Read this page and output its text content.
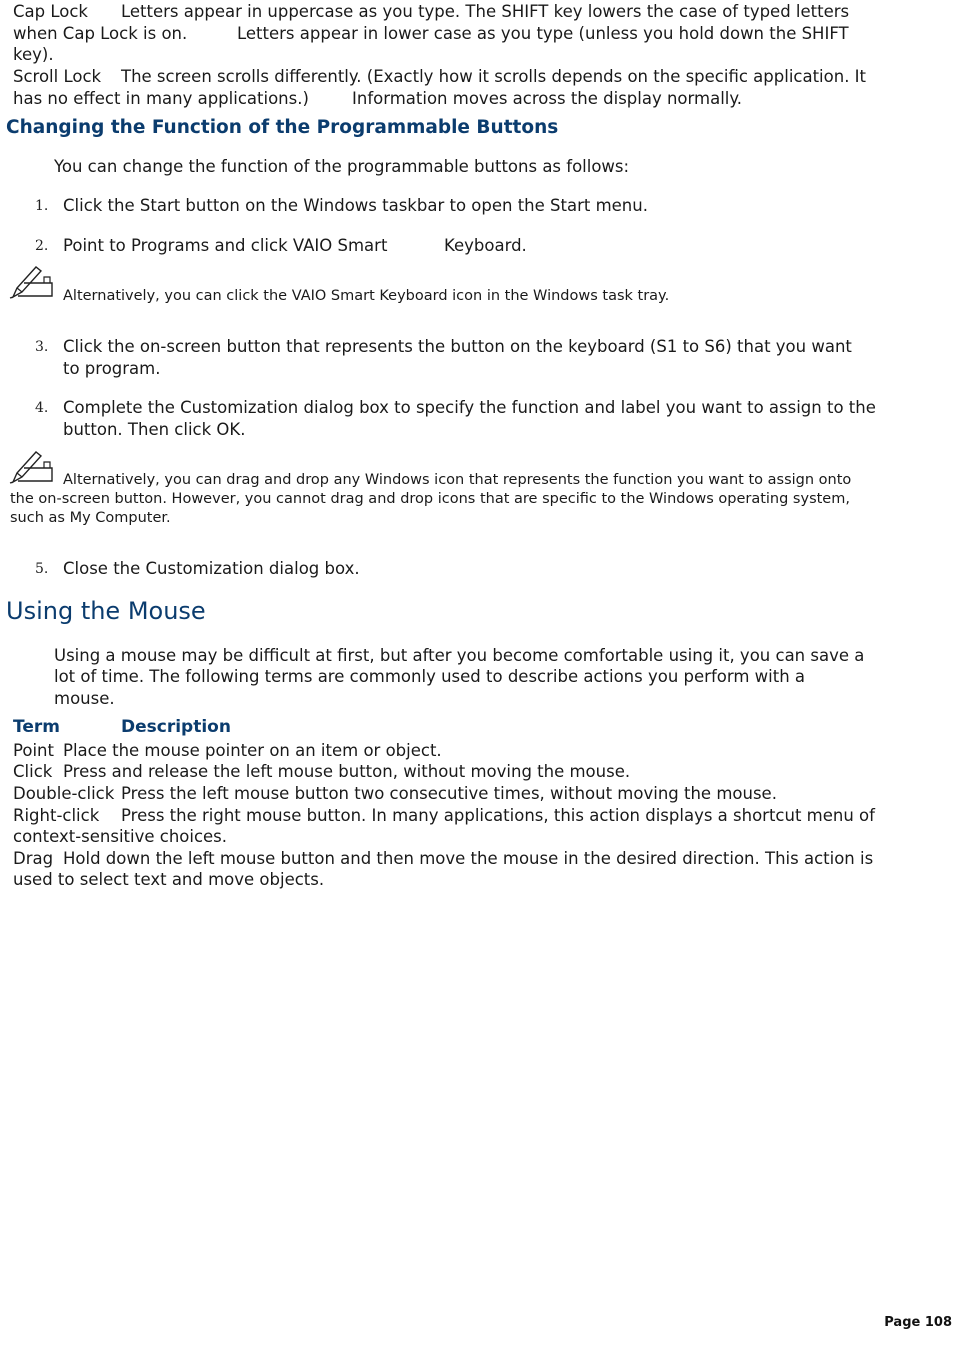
Cap Lock Letters appear in uppercase as you type. The SHIFT key lowers the case of typed letters
when Cap Lock is on.	Letters appear in lower case as you type (unless you hold down the SHIFT
key).
Scroll Lock The screen scrolls differently. (Exactly how it scrolls depends on the specific application. It
has no effect in many applications.)	Information moves across the display normally.
Changing the Function of the Programmable Buttons
You can change the function of the programmable buttons as follows:
1. Click the Start button on the Windows taskbar to open the Start menu.
2. Point to Programs and click VAIO Smart	Keyboard.
Alternatively, you can click the VAIO Smart Keyboard icon in the Windows task tray.
3. Click the on-screen button that represents the button on the keyboard (S1 to S6) that you want
to program.
4. Complete the Customization dialog box to specify the function and label you want to assign to the
button. Then click OK.
Alternatively, you can drag and drop any Windows icon that represents the function you want to assign onto
the on-screen button. However, you cannot drag and drop icons that are specific to the Windows operating system,
such as My Computer.
5. Close the Customization dialog box.
Using the Mouse
Using a mouse may be difficult at first, but after you become comfortable using it, you can save a
lot of time. The following terms are commonly used to describe actions you perform with a
mouse.
Term	Description
Point Place the mouse pointer on an item or object.
Click Press and release the left mouse button, without moving the mouse.
Double-click Press the left mouse button two consecutive times, without moving the mouse.
Right-click Press the right mouse button. In many applications, this action displays a shortcut menu of
context-sensitive choices.
Drag Hold down the left mouse button and then move the mouse in the desired direction. This action is
used to select text and move objects.
Page 108
